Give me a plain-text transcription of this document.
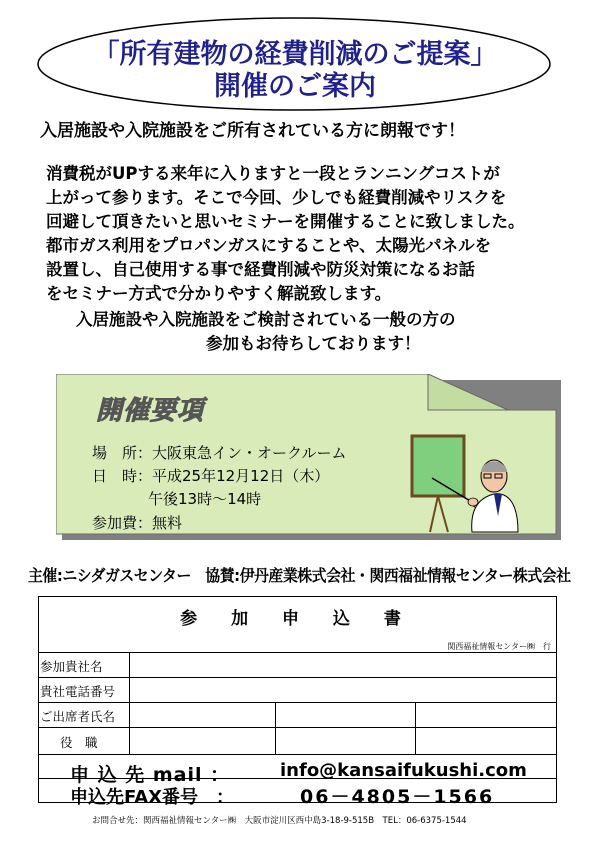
「所有建物の経費削減のご提案」
開催のご案内
入居施設や入院施設をご所有されている方に朗報です！
消費税がUPする来年に入りますと一段とランニングコストが
上がって参ります。そこで今回、少しでも経費削減やリスクを
回避して頂きたいと思いセミナーを開催することに致しました。
都市ガス利用をプロパンガスにすることや、太陽光パネルを
設置し、自己使用する事で経費削減や防災対策になるお話
をセミナー方式で分かりやすく解説致します。
入居施設や入院施設をご検討されている一般の方の
参加もお待ちしております！
開催要項
場　所：大阪東急イン・オークルーム
日　時：平成25年12月12日（木）
午後13時～14時
参加費：無料
主催:ニシダガスセンター　協賛:伊丹産業株式会社・関西福祉情報センター株式会社
参 加 申 込 書
関西福祉情報センター㈱　行
参加貴社名
貴社電話番号
ご出席者氏名
役　職
申 込 先 mail ：	info@kansaifukushi.com
申込先FAX番号　：	06－4805－1566
お問合せ先：関西福祉情報センター㈱　大阪市淀川区西中島3-18-9-515B　TEL：06-6375-1544
